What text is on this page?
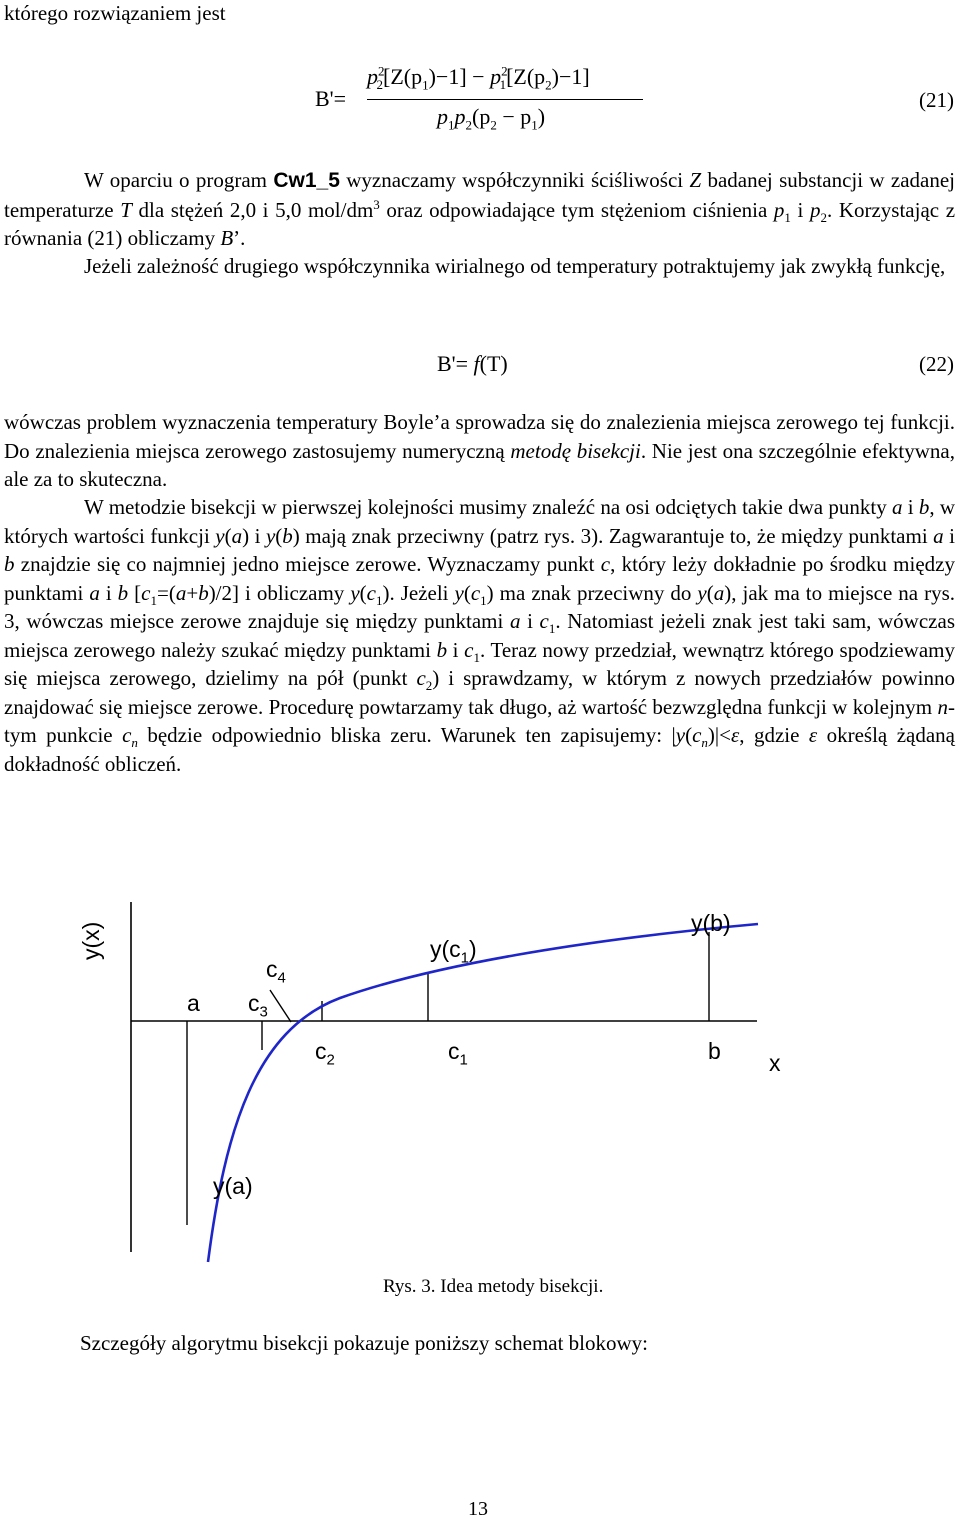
którego rozwiązaniem jest
B'=
$p^2_2[Z(p_1)-1] - p^2_1[Z(p_2)-1]$
$p_1p_2(p_2 - p_1)$
(21)
W oparciu o program Cw1_5 wyznaczamy współczynniki ściśliwości Z badanej substancji w zadanej temperaturze T dla stężeń 2,0 i 5,0 mol/$dm^3$ oraz odpowiadające tym stężeniom ciśnienia $p_1$ i $p_2$. Korzystając z równania (21) obliczamy B’.
Jeżeli zależność drugiego współczynnika wirialnego od temperatury potraktujemy jak zwykłą funkcję,
B'= f(T)	(22)
wówczas problem wyznaczenia temperatury Boyle’a sprowadza się do znalezienia miejsca zerowego tej funkcji. Do znalezienia miejsca zerowego zastosujemy numeryczną metodę bisekcji. Nie jest ona szczególnie efektywna, ale za to skuteczna.
W metodzie bisekcji w pierwszej kolejności musimy znaleźć na osi odciętych takie dwa punkty a i b, w których wartości funkcji y(a) i y(b) mają znak przeciwny (patrz rys. 3). Zagwarantuje to, że między punktami a i b znajdzie się co najmniej jedno miejsce zerowe. Wyznaczamy punkt c, który leży dokładnie po środku między punktami a i b $[c_1=(a+b)/2]$ i obliczamy $y(c_1)$. Jeżeli $y(c_1)$ ma znak przeciwny do y(a), jak ma to miejsce na rys. 3, wówczas miejsce zerowe znajduje się między punktami a i $c_1$. Natomiast jeżeli znak jest taki sam, wówczas miejsca zerowego należy szukać między punktami b i $c_1$. Teraz nowy przedział, wewnątrz którego spodziewamy się miejsca zerowego, dzielimy na pół (punkt $c_2$) i sprawdzamy, w którym z nowych przedziałów powinno znajdować się miejsce zerowe. Procedurę powtarzamy tak długo, aż wartość bezwzględna funkcji w kolejnym n-tym punkcie $c_n$ będzie odpowiednio bliska zeru. Warunek ten zapisujemy: $|y(c_n)|<\varepsilon$, gdzie ε określą żądaną dokładność obliczeń.
y(x)
a $c_3$
$c_4$
$c_2$	$c_1$	b x
$y(c_1)$
y(b)
y(a)
Rys. 3. Idea metody bisekcji.
Szczegóły algorytmu bisekcji pokazuje poniższy schemat blokowy:
13
